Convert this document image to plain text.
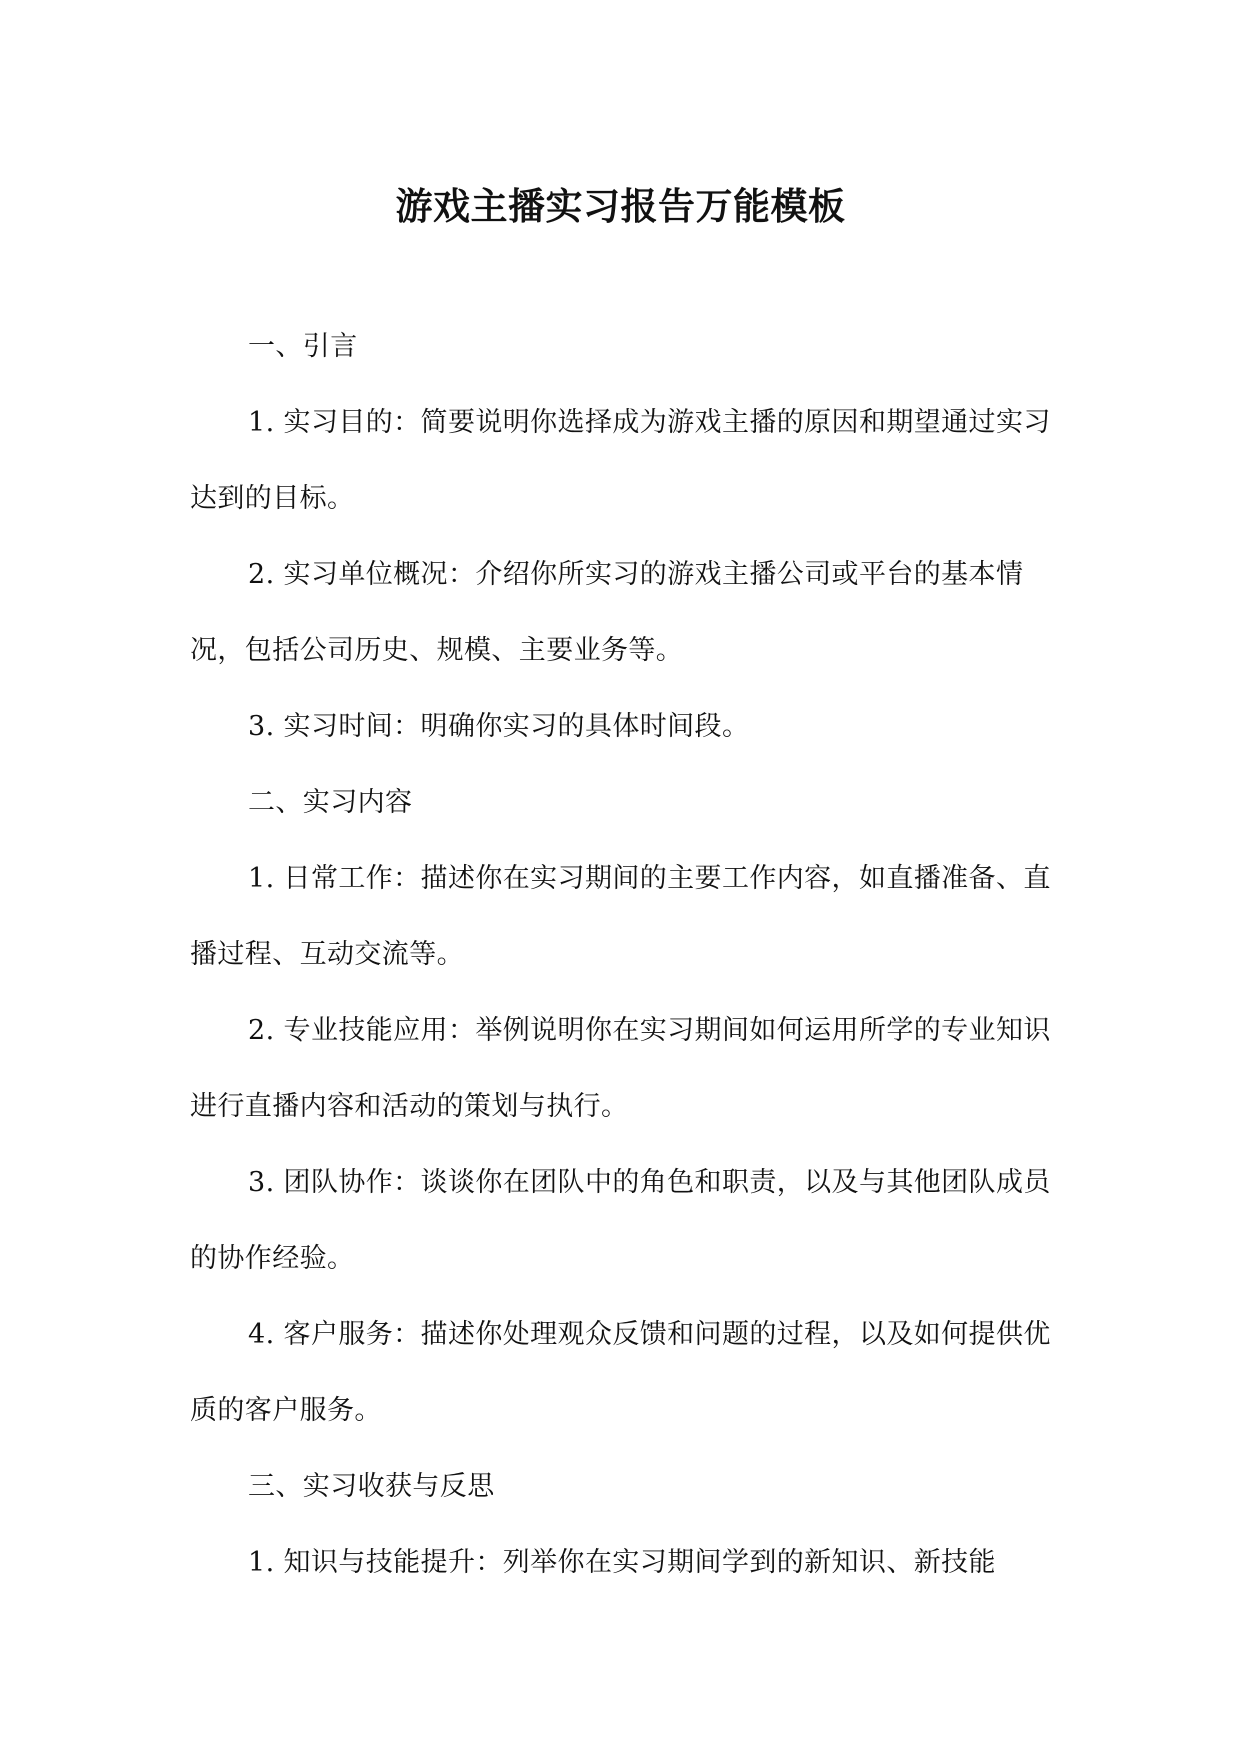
游戏主播实习报告万能模板

一、引言

1. 实习目的：简要说明你选择成为游戏主播的原因和期望通过实习达到的目标。

2. 实习单位概况：介绍你所实习的游戏主播公司或平台的基本情况，包括公司历史、规模、主要业务等。

3. 实习时间：明确你实习的具体时间段。

二、实习内容

1. 日常工作：描述你在实习期间的主要工作内容，如直播准备、直播过程、互动交流等。

2. 专业技能应用：举例说明你在实习期间如何运用所学的专业知识进行直播内容和活动的策划与执行。

3. 团队协作：谈谈你在团队中的角色和职责，以及与其他团队成员的协作经验。

4. 客户服务：描述你处理观众反馈和问题的过程，以及如何提供优质的客户服务。

三、实习收获与反思

1. 知识与技能提升：列举你在实习期间学到的新知识、新技能
